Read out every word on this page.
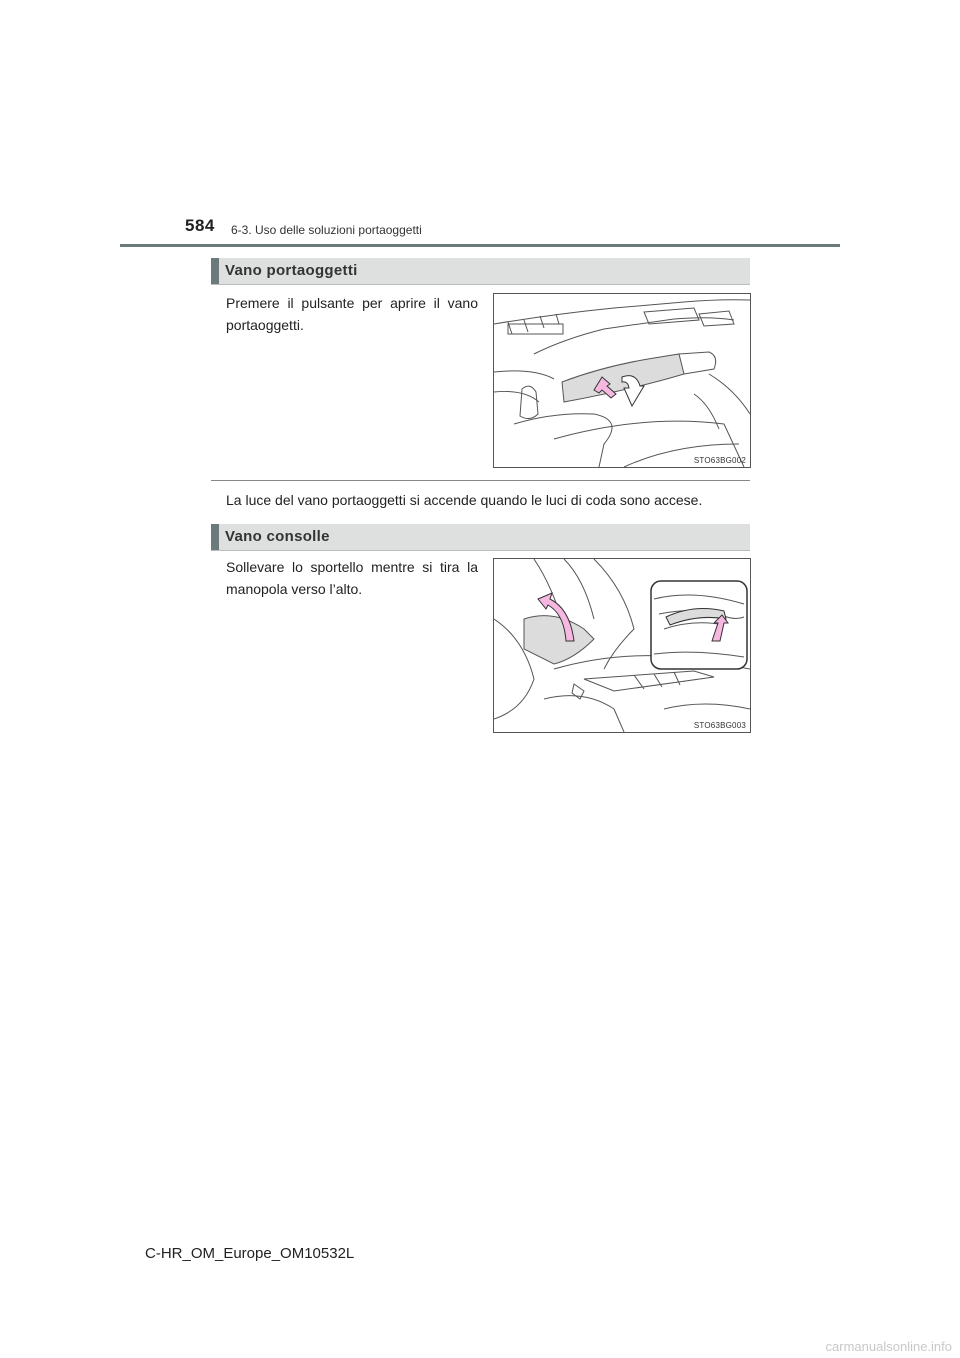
584 6-3. Uso delle soluzioni portaoggetti
Vano portaoggetti
Premere il pulsante per aprire il vano portaoggetti.
STO63BG002
La luce del vano portaoggetti si accende quando le luci di coda sono accese.
Vano consolle
Sollevare lo sportello mentre si tira la manopola verso l’alto.
STO63BG003
C-HR_OM_Europe_OM10532L
carmanualsonline.info
